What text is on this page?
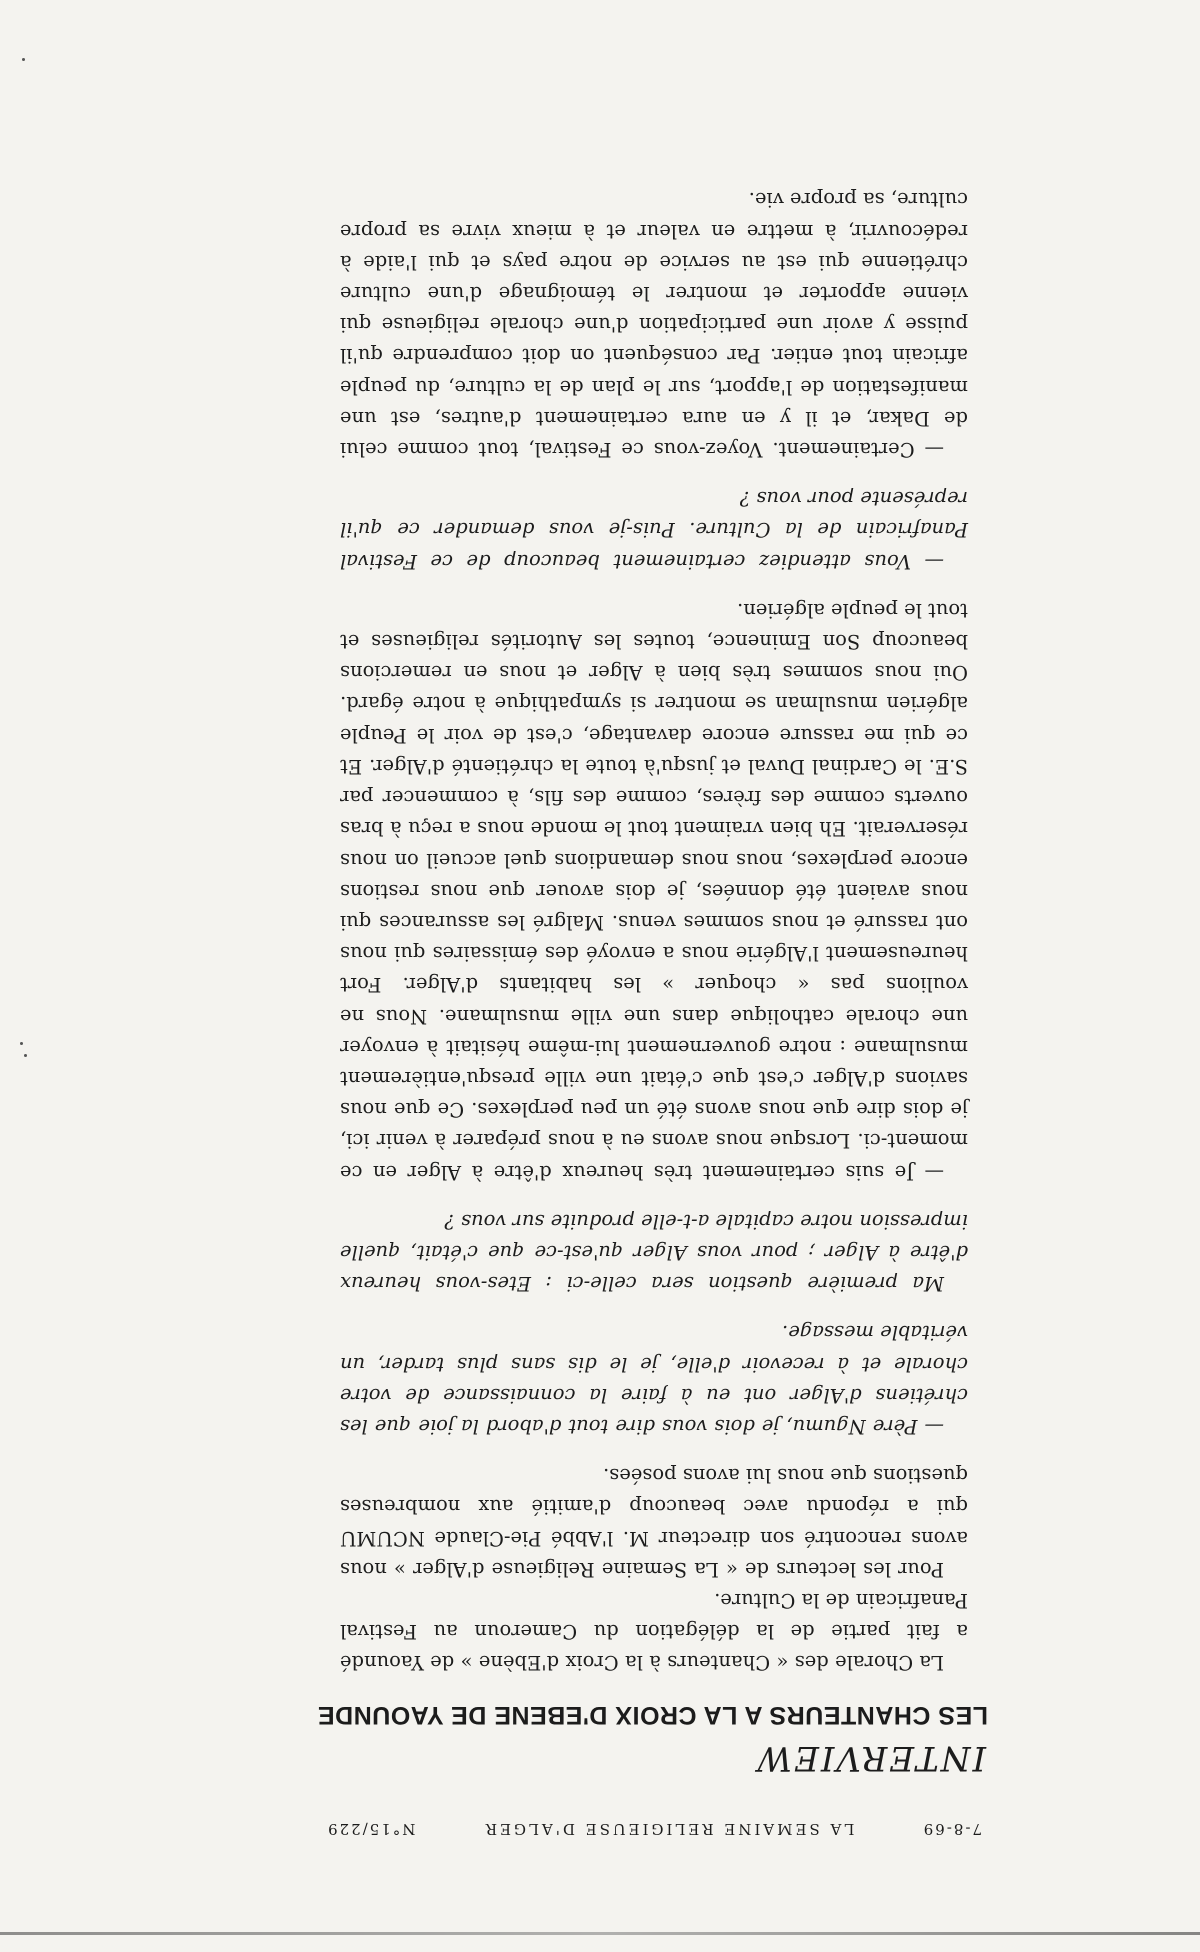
7-8-69
LA SEMAINE RELIGIEUSE D'ALGER
N°15/229
INTERVIEW
LES CHANTEURS A LA CROIX D'EBENE DE YAOUNDE

La Chorale des « Chanteurs à la Croix d'Ebène » de Yaoundé a fait partie de la délégation du Cameroun au Festival Panafricain de la Culture.

Pour les lecteurs de « La Semaine Religieuse d'Alger » nous avons rencontré son directeur M. l'Abbé Pie-Claude NCUMU qui a répondu avec beaucoup d'amitié aux nombreuses questions que nous lui avons posées.

— Père Ngumu, je dois vous dire tout d'abord la joie que les chrétiens d'Alger ont eu à faire la connaissance de votre chorale et à recevoir d'elle, je le dis sans plus tarder, un véritable message.

Ma première question sera celle-ci : Etes-vous heureux d'être à Alger ; pour vous Alger qu'est-ce que c'était, quelle impression notre capitale a-t-elle produite sur vous ?

— Je suis certainement très heureux d'être à Alger en ce moment-ci. Lorsque nous avons eu à nous préparer à venir ici, je dois dire que nous avons été un peu perplexes. Ce que nous savions d'Alger c'est que c'était une ville presqu'entièrement musulmane : notre gouvernement lui-même hésitait à envoyer une chorale catholique dans une ville musulmane. Nous ne voulions pas « choquer » les habitants d'Alger. Fort heureusement l'Algérie nous a envoyé des émissaires qui nous ont rassuré et nous sommes venus. Malgré les assurances qui nous avaient été données, je dois avouer que nous restions encore perplexes, nous nous demandions quel accueil on nous réserverait. Eh bien vraiment tout le monde nous a reçu à bras ouverts comme des frères, comme des fils, à commencer par S.E. le Cardinal Duval et jusqu'à toute la chrétienté d'Alger. Et ce qui me rassure encore davantage, c'est de voir le Peuple algérien musulman se montrer si sympathique à notre égard. Oui nous sommes très bien à Alger et nous en remercions beaucoup Son Eminence, toutes les Autorités religieuses et tout le peuple algérien.

— Vous attendiez certainement beaucoup de ce Festival Panafricain de la Culture. Puis-je vous demander ce qu'il représente pour vous ?

— Certainement. Voyez-vous ce Festival, tout comme celui de Dakar, et il y en aura certainement d'autres, est une manifestation de l'apport, sur le plan de la culture, du peuple africain tout entier. Par conséquent on doit comprendre qu'il puisse y avoir une participation d'une chorale religieuse qui vienne apporter et montrer le témoignage d'une culture chrétienne qui est au service de notre pays et qui l'aide à redécouvrir, à mettre en valeur et à mieux vivre sa propre culture, sa propre vie.
